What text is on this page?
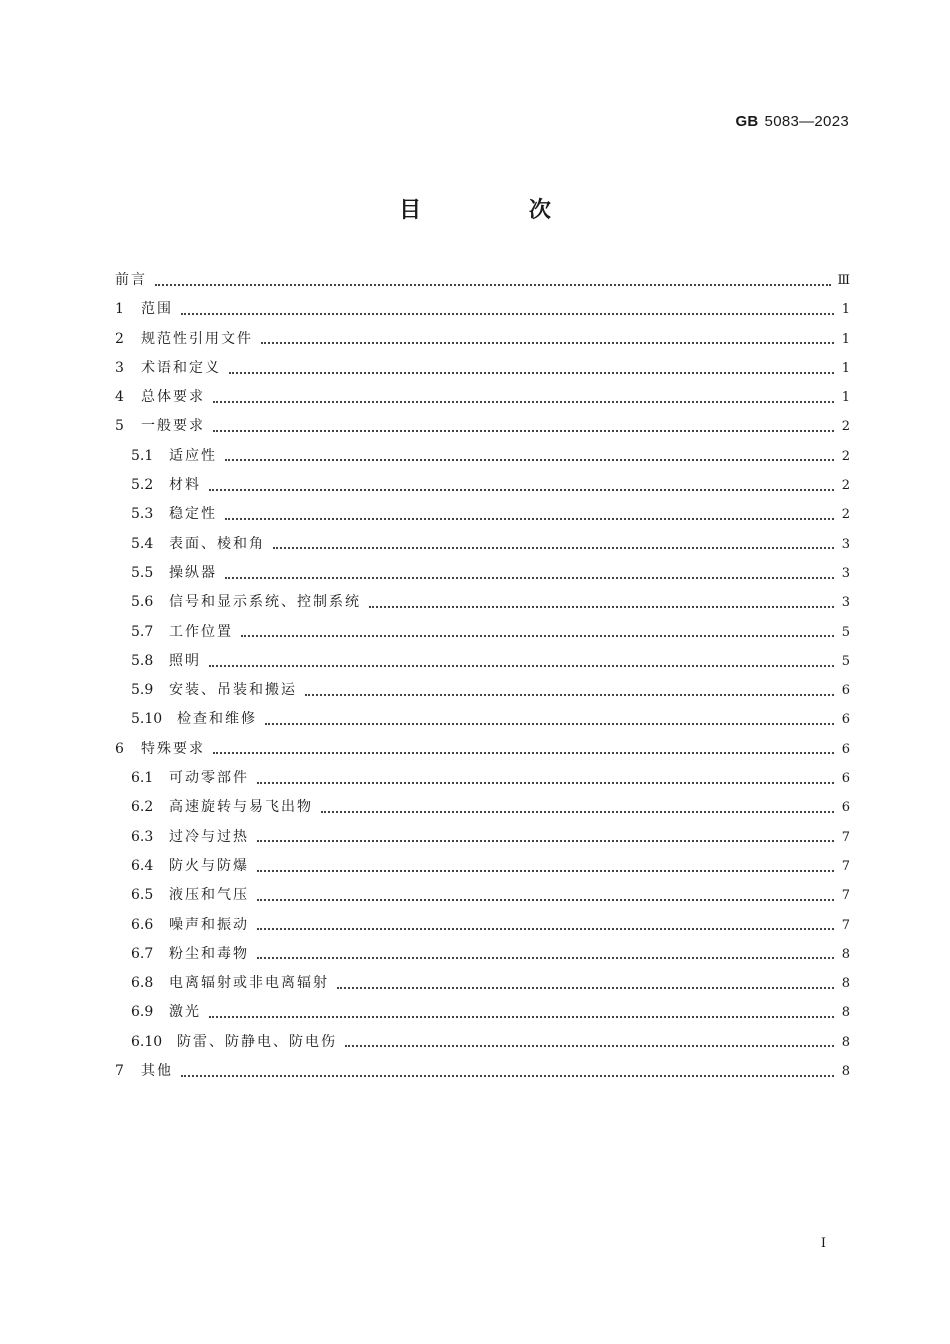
GB 5083—2023
目 次
前言	Ⅲ
1	范围	1
2	规范性引用文件	1
3	术语和定义	1
4	总体要求	1
5	一般要求	2
5.1	适应性	2
5.2	材料	2
5.3	稳定性	2
5.4	表面、棱和角	3
5.5	操纵器	3
5.6	信号和显示系统、控制系统	3
5.7	工作位置	5
5.8	照明	5
5.9	安装、吊装和搬运	6
5.10	检查和维修	6
6	特殊要求	6
6.1	可动零部件	6
6.2	高速旋转与易飞出物	6
6.3	过冷与过热	7
6.4	防火与防爆	7
6.5	液压和气压	7
6.6	噪声和振动	7
6.7	粉尘和毒物	8
6.8	电离辐射或非电离辐射	8
6.9	激光	8
6.10	防雷、防静电、防电伤	8
7	其他	8
I
